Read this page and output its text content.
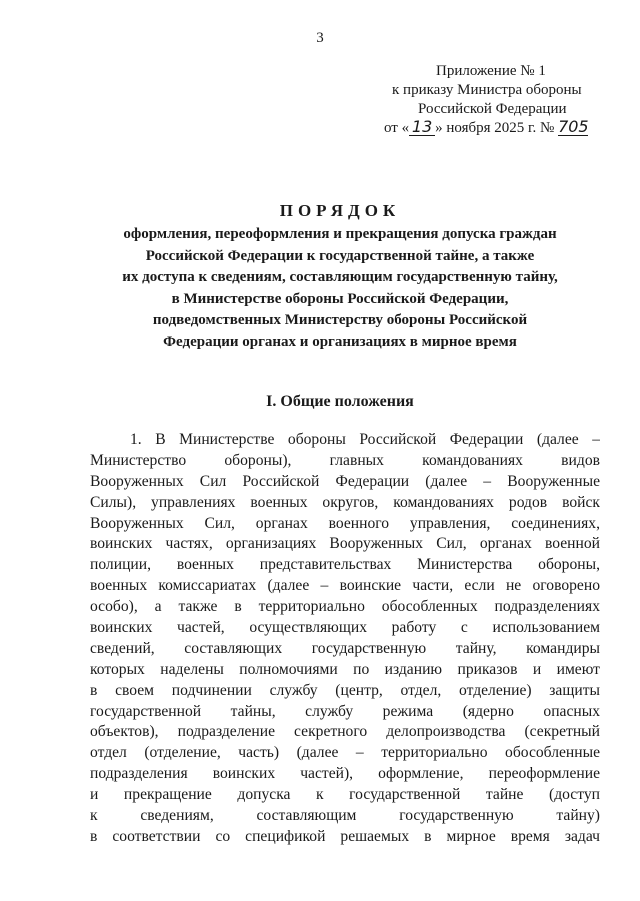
3
Приложение № 1
к приказу Министра обороны
Российской Федерации
от « 13 » ноября 2025 г. № 705
ПОРЯДОК
оформления, переоформления и прекращения допуска граждан
Российской Федерации к государственной тайне, а также
их доступа к сведениям, составляющим государственную тайну,
в Министерстве обороны Российской Федерации,
подведомственных Министерству обороны Российской
Федерации органах и организациях в мирное время
I. Общие положения
1. В Министерстве обороны Российской Федерации (далее –
Министерство обороны), главных командованиях видов
Вооруженных Сил Российской Федерации (далее – Вооруженные
Силы), управлениях военных округов, командованиях родов войск
Вооруженных Сил, органах военного управления, соединениях,
воинских частях, организациях Вооруженных Сил, органах военной
полиции, военных представительствах Министерства обороны,
военных комиссариатах (далее – воинские части, если не оговорено
особо), а также в территориально обособленных подразделениях
воинских частей, осуществляющих работу с использованием
сведений, составляющих государственную тайну, командиры
которых наделены полномочиями по изданию приказов и имеют
в своем подчинении службу (центр, отдел, отделение) защиты
государственной тайны, службу режима (ядерно опасных
объектов), подразделение секретного делопроизводства (секретный
отдел (отделение, часть) (далее – территориально обособленные
подразделения воинских частей), оформление, переоформление
и прекращение допуска к государственной тайне (доступ
к сведениям, составляющим государственную тайну)
в соответствии со спецификой решаемых в мирное время задач
